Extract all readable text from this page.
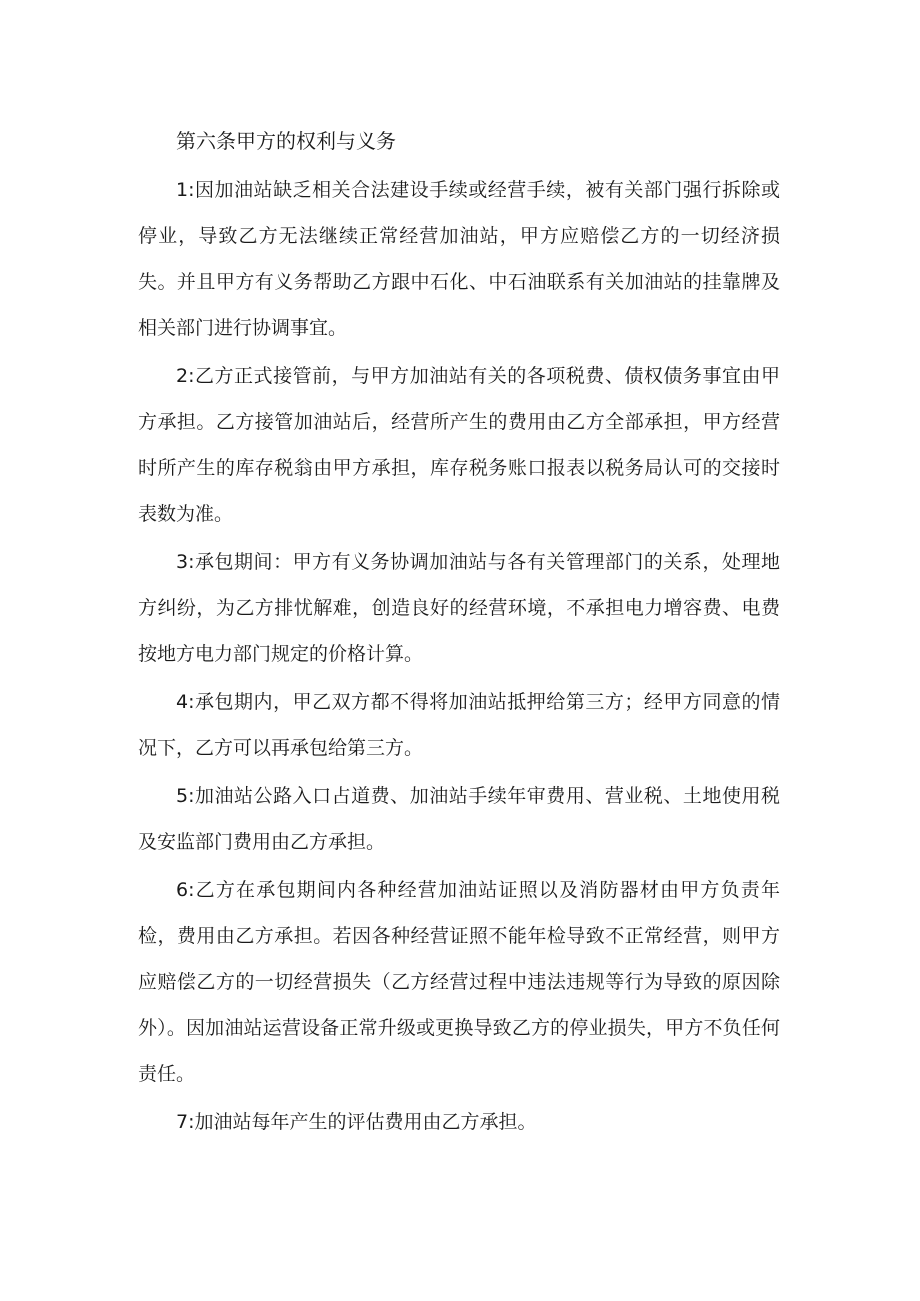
第六条甲方的权利与义务

1:因加油站缺乏相关合法建设手续或经营手续，被有关部门强行拆除或停业，导致乙方无法继续正常经营加油站，甲方应赔偿乙方的一切经济损失。并且甲方有义务帮助乙方跟中石化、中石油联系有关加油站的挂靠牌及相关部门进行协调事宜。

2:乙方正式接管前，与甲方加油站有关的各项税费、债权债务事宜由甲方承担。乙方接管加油站后，经营所产生的费用由乙方全部承担，甲方经营时所产生的库存税翁由甲方承担，库存税务账口报表以税务局认可的交接时表数为准。

3:承包期间：甲方有义务协调加油站与各有关管理部门的关系，处理地方纠纷，为乙方排忧解难，创造良好的经营环境，不承担电力增容费、电费按地方电力部门规定的价格计算。

4:承包期内，甲乙双方都不得将加油站抵押给第三方；经甲方同意的情况下，乙方可以再承包给第三方。

5:加油站公路入口占道费、加油站手续年审费用、营业税、土地使用税及安监部门费用由乙方承担。

6:乙方在承包期间内各种经营加油站证照以及消防器材由甲方负责年检，费用由乙方承担。若因各种经营证照不能年检导致不正常经营，则甲方应赔偿乙方的一切经营损失（乙方经营过程中违法违规等行为导致的原因除外）。因加油站运营设备正常升级或更换导致乙方的停业损失，甲方不负任何责任。

7:加油站每年产生的评估费用由乙方承担。
